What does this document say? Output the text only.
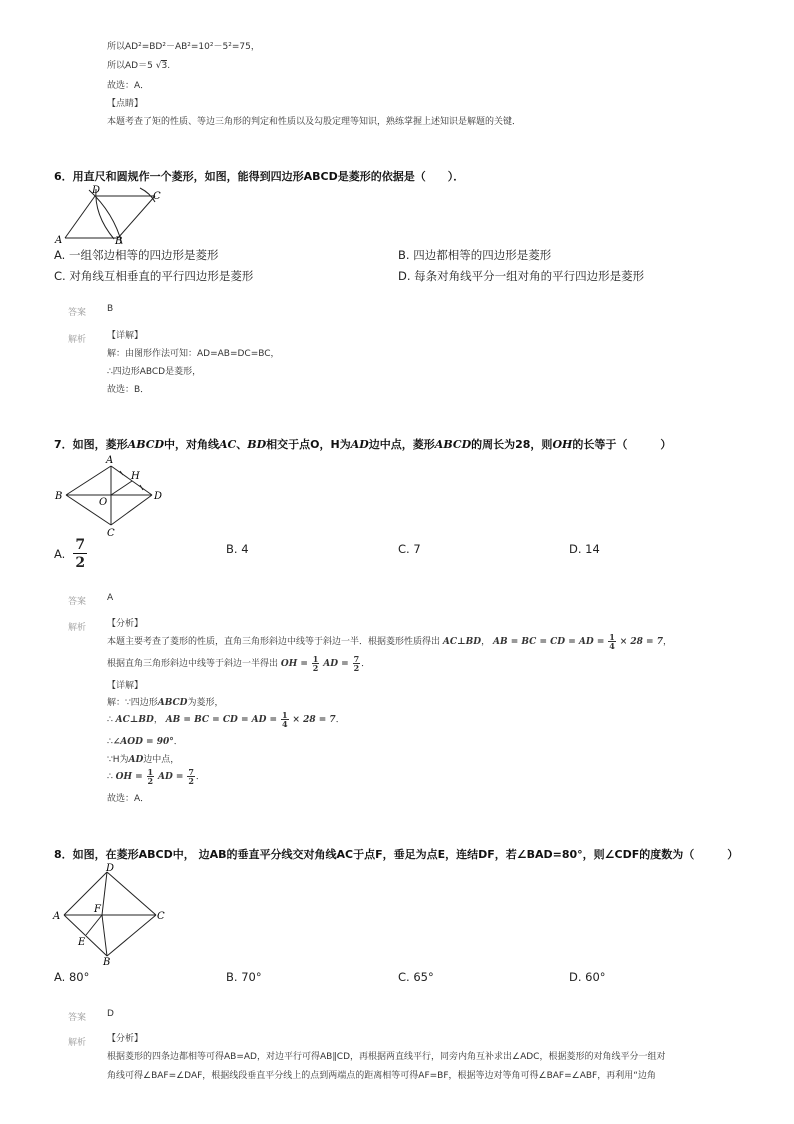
所以AD²=BD²－AB²=10²－5²=75，
所以AD＝5 √3.
故选：A．
【点睛】
本题考查了矩的性质、等边三角形的判定和性质以及勾股定理等知识，熟练掌握上述知识是解题的关键．
6．用直尺和圆规作一个菱形，如图，能得到四边形ABCD是菱形的依据是（　　）．
D
C
A	B
A. 一组邻边相等的四边形是菱形	B. 四边都相等的四边形是菱形
C. 对角线互相垂直的平行四边形是菱形	D. 每条对角线平分一组对角的平行四边形是菱形
答案 B
解析 【详解】
解：由图形作法可知：AD=AB=DC=BC，
∴四边形ABCD是菱形，
故选：B．
7．如图，菱形ABCD中，对角线AC、BD相交于点O，H为AD边中点，菱形ABCD的周长为28，则OH的长等于（　　　）
A
H
B
O
D
C
A. $\frac{7}{2}$	B. 4	C. 7	D. 14
答案 A
解析 【分析】
本题主要考查了菱形的性质，直角三角形斜边中线等于斜边一半．根据菱形性质得出 AC⊥BD， AB = BC = CD = AD = $\frac{1}{4} \times 28 = 7$，
根据直角三角形斜边中线等于斜边一半得出 OH = $\frac{1}{2}$ AD = $\frac{7}{2}$ ．
【详解】
解：∵四边形ABCD为菱形，
∴ AC⊥BD， AB = BC = CD = AD = $\frac{1}{4} \times 28 = 7$．
∴∠AOD = 90°．
∵H为AD边中点，
∴ OH = $\frac{1}{2}$ AD = $\frac{7}{2}$ ．
故选：A．
8．如图，在菱形ABCD中， 边AB的垂直平分线交对角线AC于点F，垂足为点E，连结DF，若∠BAD=80°，则∠CDF的度数为（　　　）
D
A
F
C
E
B
A. 80°	B. 70°	C. 65°	D. 60°
答案 D
解析 【分析】
根据菱形的四条边都相等可得AB=AD，对边平行可得AB∥CD，再根据两直线平行，同旁内角互补求出∠ADC，根据菱形的对角线平分一组对
角线可得∠BAF=∠DAF，根据线段垂直平分线上的点到两端点的距离相等可得AF=BF，根据等边对等角可得∠BAF=∠ABF，再利用“边角
